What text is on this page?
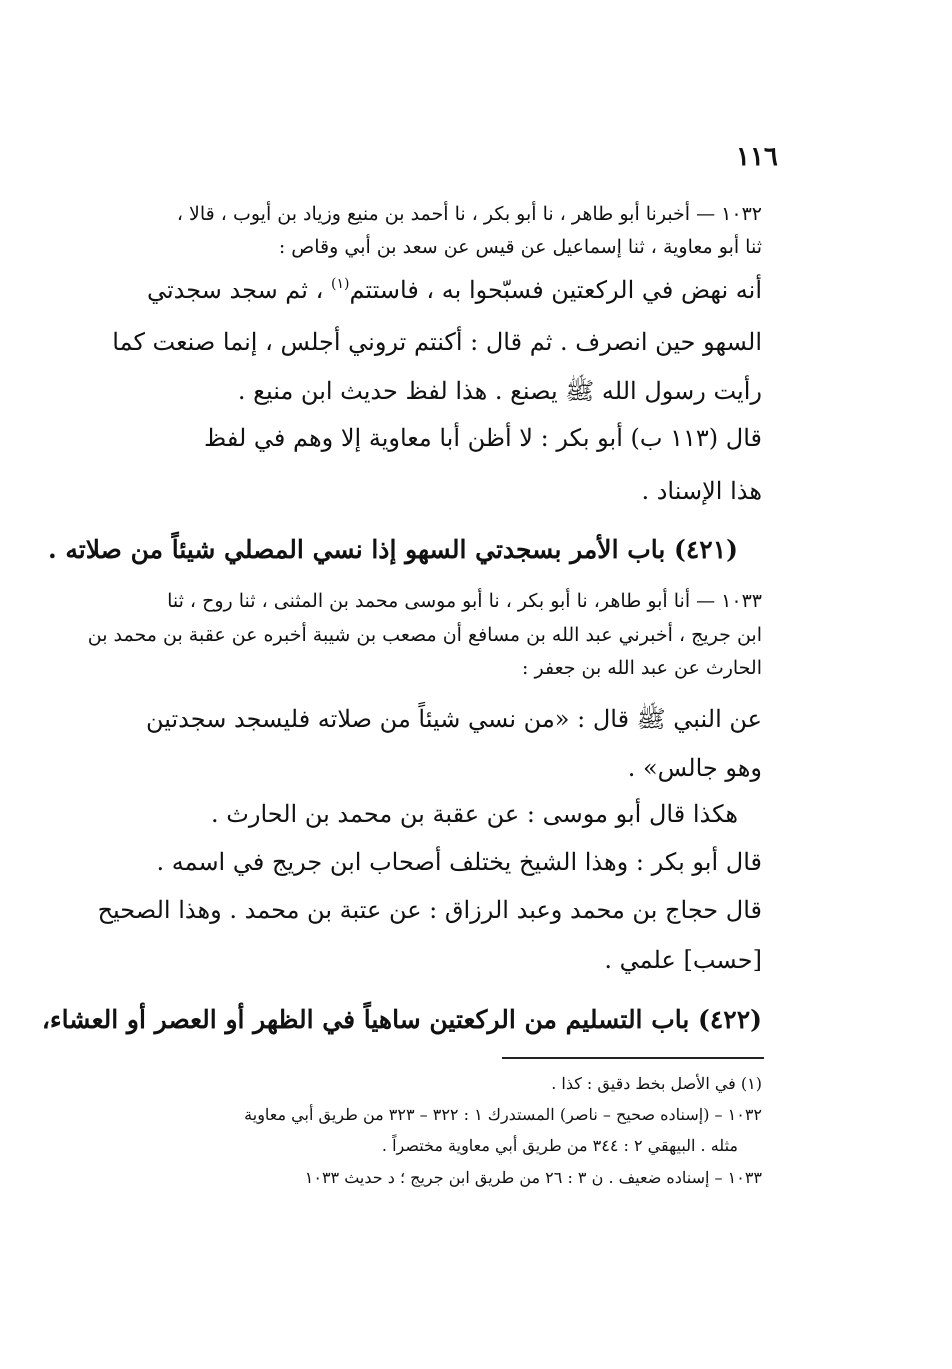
١١٦
١٠٣٢ — أخبرنا أبو طاهر ، نا أبو بكر ، نا أحمد بن منيع وزياد بن أيوب ، قالا ،
ثنا أبو معاوية ، ثنا إسماعيل عن قيس عن سعد بن أبي وقاص :
أنه نهض في الركعتين فسبّحوا به ، فاستتم$^{(١)}$ ، ثم سجد سجدتي
السهو حين انصرف . ثم قال : أكنتم تروني أجلس ، إنما صنعت كما
رأيت رسول الله ﷺ يصنع . هذا لفظ حديث ابن منيع .
قال (١١٣ ب) أبو بكر : لا أظن أبا معاوية إلا وهم في لفظ
هذا الإسناد .
(٤٢١) باب الأمر بسجدتي السهو إذا نسي المصلي شيئاً من صلاته .
١٠٣٣ — أنا أبو طاهر، نا أبو بكر ، نا أبو موسى محمد بن المثنى ، ثنا روح ، ثنا
ابن جريج ، أخبرني عبد الله بن مسافع أن مصعب بن شيبة أخبره عن عقبة بن محمد بن
الحارث عن عبد الله بن جعفر :
عن النبي ﷺ قال : «من نسي شيئاً من صلاته فليسجد سجدتين
وهو جالس» .
هكذا قال أبو موسى : عن عقبة بن محمد بن الحارث .
قال أبو بكر : وهذا الشيخ يختلف أصحاب ابن جريج في اسمه .
قال حجاج بن محمد وعبد الرزاق : عن عتبة بن محمد . وهذا الصحيح
[حسب] علمي .
(٤٢٢) باب التسليم من الركعتين ساهياً في الظهر أو العصر أو العشاء،
(١) في الأصل بخط دقيق : كذا .
١٠٣٢ – (إسناده صحيح – ناصر) المستدرك ١ : ٣٢٢ – ٣٢٣ من طريق أبي معاوية
مثله . البيهقي ٢ : ٣٤٤ من طريق أبي معاوية مختصراً .
١٠٣٣ – إسناده ضعيف . ن ٣ : ٢٦ من طريق ابن جريج ؛ د حديث ١٠٣٣
